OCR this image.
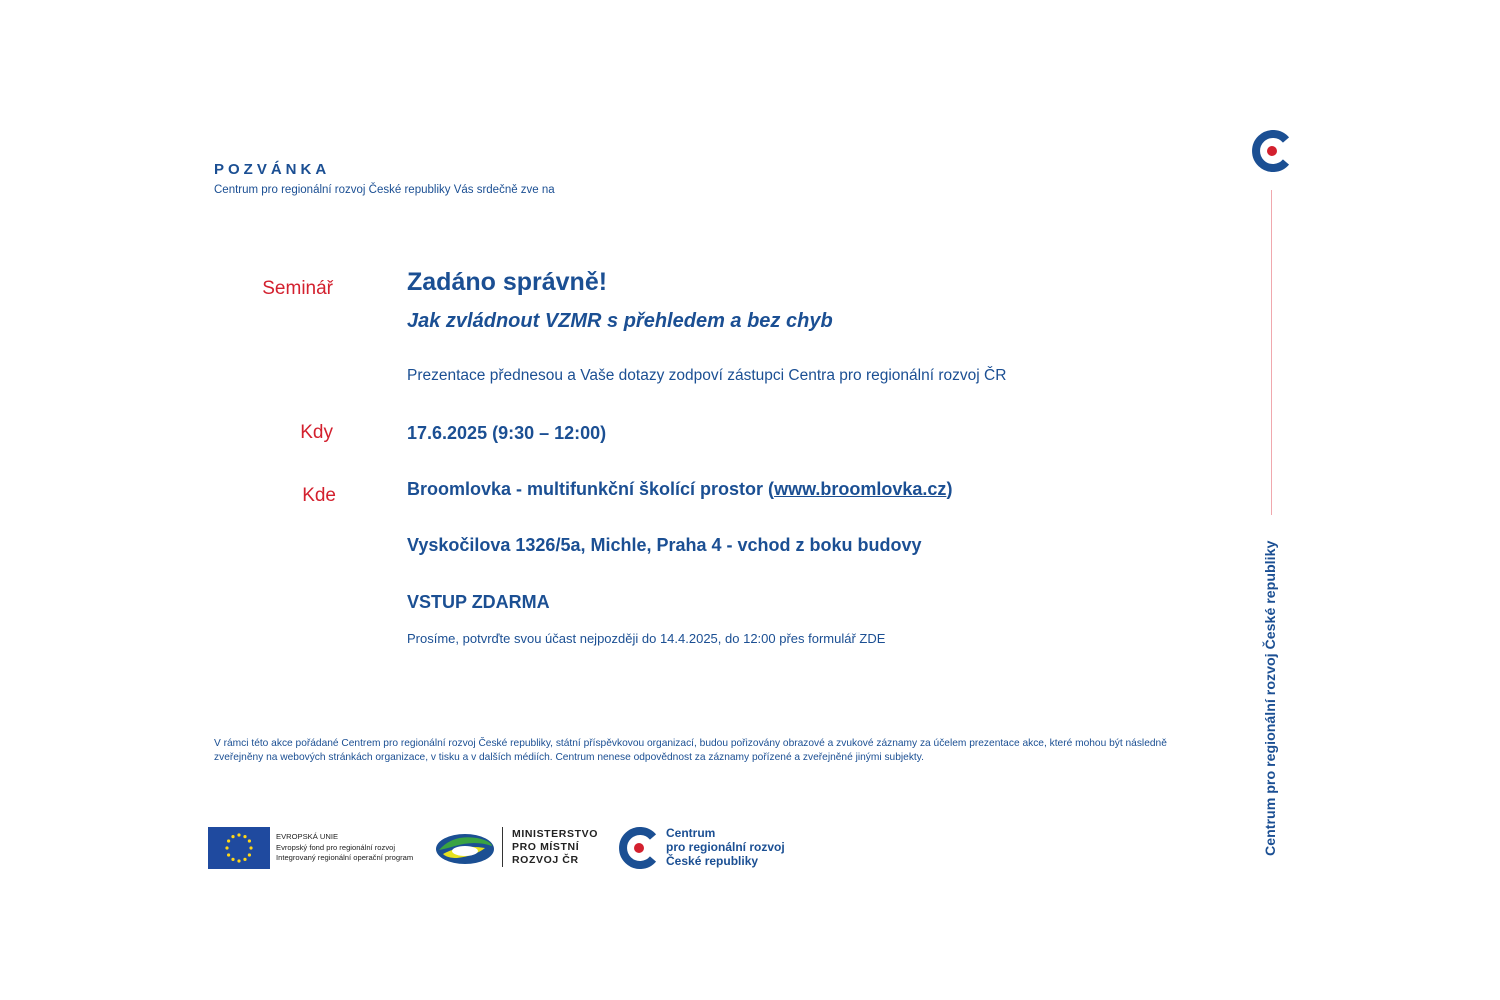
POZVÁNKA
Centrum pro regionální rozvoj České republiky Vás srdečně zve na
Seminář
Kdy
Kde
Zadáno správně!
Jak zvládnout VZMR s přehledem a bez chyb
Prezentace přednesou a Vaše dotazy zodpoví zástupci Centra pro regionální rozvoj ČR
17.6.2025 (9:30 – 12:00)
Broomlovka - multifunkční školící prostor (www.broomlovka.cz)
Vyskočilova 1326/5a, Michle, Praha 4 - vchod z boku budovy
VSTUP ZDARMA
Prosíme, potvrďte svou účast nejpozději do 14.4.2025, do 12:00 přes formulář ZDE
V rámci této akce pořádané Centrem pro regionální rozvoj České republiky, státní příspěvkovou organizací, budou pořizovány obrazové a zvukové záznamy za účelem prezentace akce, které mohou být následně zveřejněny na webových stránkách organizace, v tisku a v dalších médiích. Centrum nenese odpovědnost za záznamy pořízené a zveřejněné jinými subjekty.
EVROPSKÁ UNIE
Evropský fond pro regionální rozvoj
Integrovaný regionální operační program
MINISTERSTVO
PRO MÍSTNÍ
ROZVOJ ČR
Centrum
pro regionální rozvoj
České republiky
Centrum pro regionální rozvoj České republiky
